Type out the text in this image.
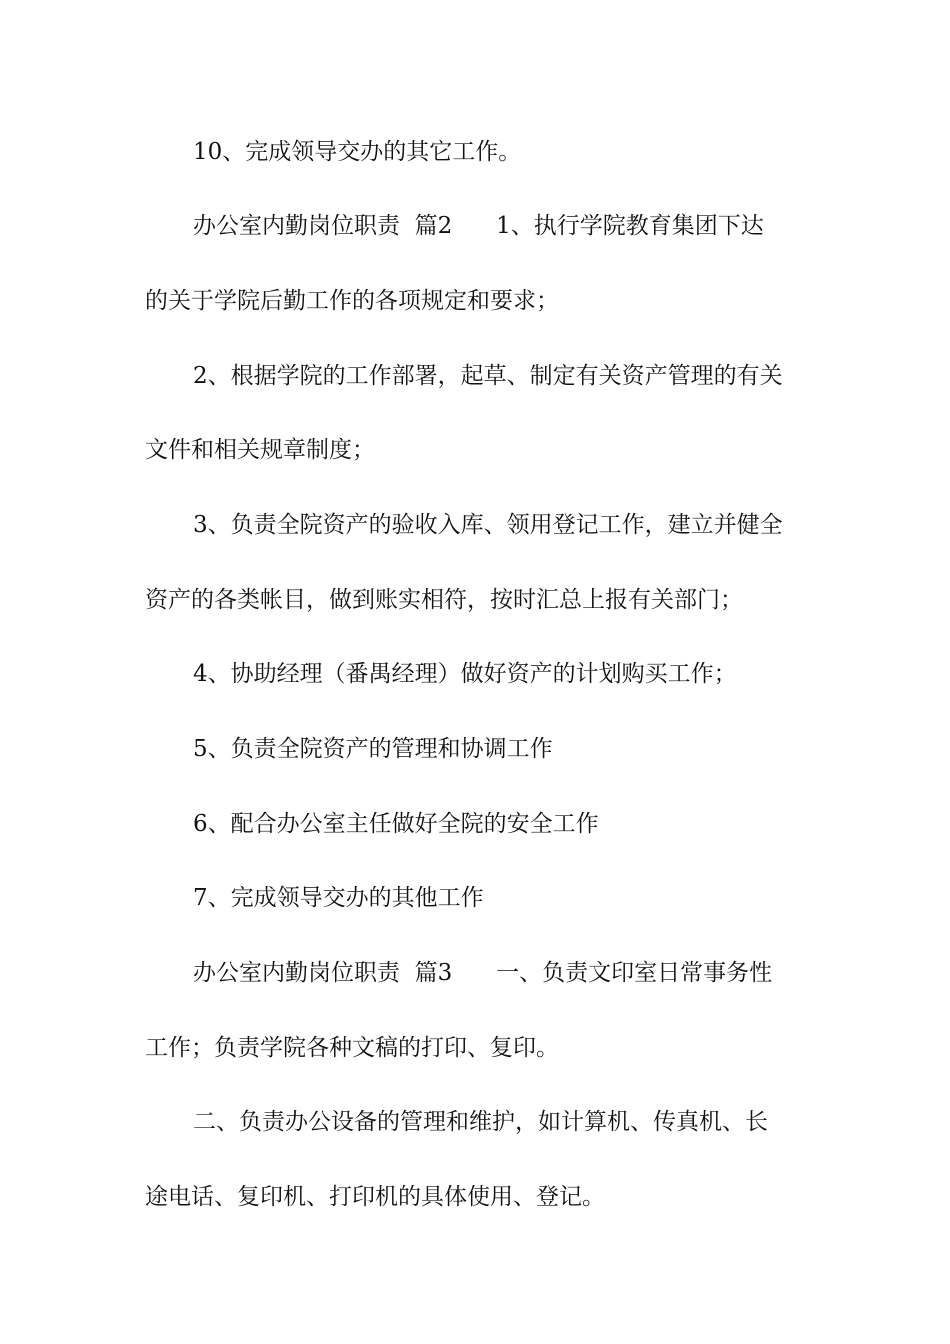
10、完成领导交办的其它工作。
办公室内勤岗位职责  篇2      1、执行学院教育集团下达
的关于学院后勤工作的各项规定和要求；
2、根据学院的工作部署，起草、制定有关资产管理的有关
文件和相关规章制度；
3、负责全院资产的验收入库、领用登记工作，建立并健全
资产的各类帐目，做到账实相符，按时汇总上报有关部门；
4、协助经理（番禺经理）做好资产的计划购买工作；
5、负责全院资产的管理和协调工作
6、配合办公室主任做好全院的安全工作
7、完成领导交办的其他工作
办公室内勤岗位职责  篇3      一、负责文印室日常事务性
工作；负责学院各种文稿的打印、复印。
二、负责办公设备的管理和维护，如计算机、传真机、长
途电话、复印机、打印机的具体使用、登记。
